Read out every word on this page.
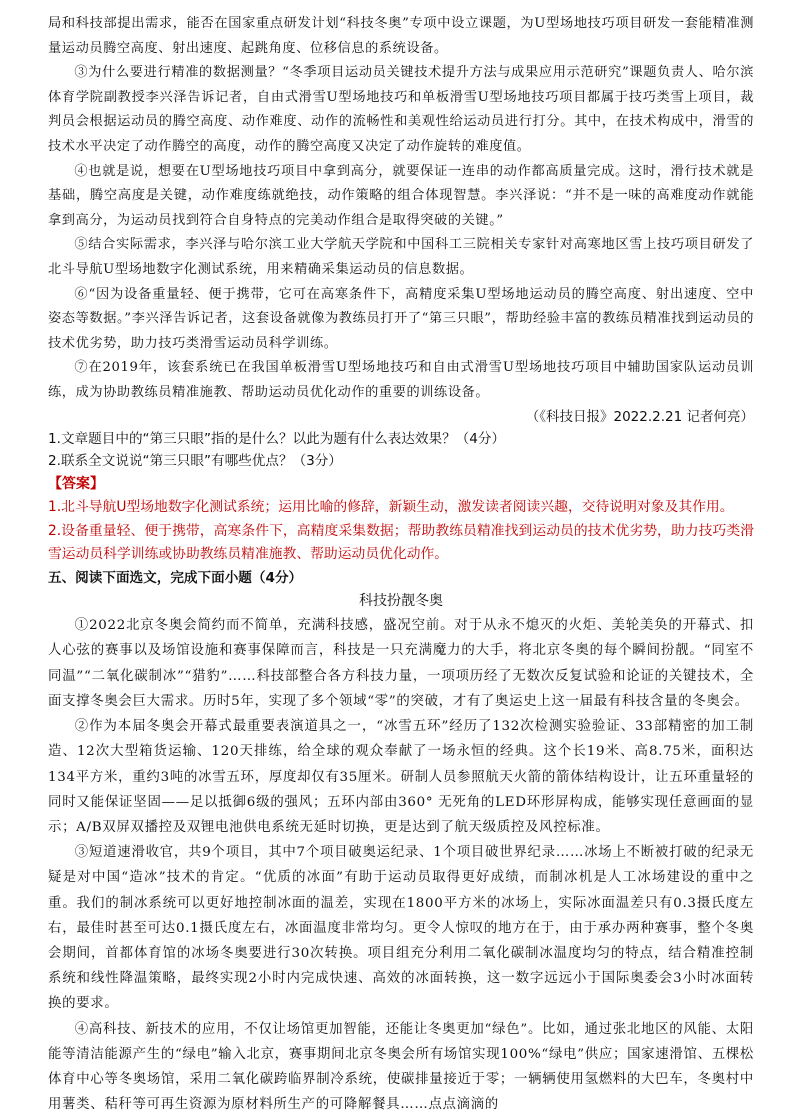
局和科技部提出需求，能否在国家重点研发计划“科技冬奥”专项中设立课题，为U型场地技巧项目研发一套能精准测量运动员腾空高度、射出速度、起跳角度、位移信息的系统设备。

③为什么要进行精准的数据测量？“冬季项目运动员关键技术提升方法与成果应用示范研究”课题负责人、哈尔滨体育学院副教授李兴泽告诉记者，自由式滑雪U型场地技巧和单板滑雪U型场地技巧项目都属于技巧类雪上项目，裁判员会根据运动员的腾空高度、动作难度、动作的流畅性和美观性给运动员进行打分。其中，在技术构成中，滑雪的技术水平决定了动作腾空的高度，动作的腾空高度又决定了动作旋转的难度值。

④也就是说，想要在U型场地技巧项目中拿到高分，就要保证一连串的动作都高质量完成。这时，滑行技术就是基础，腾空高度是关键，动作难度练就绝技，动作策略的组合体现智慧。李兴泽说：“并不是一味的高难度动作就能拿到高分，为运动员找到符合自身特点的完美动作组合是取得突破的关键。”

⑤结合实际需求，李兴泽与哈尔滨工业大学航天学院和中国科工三院相关专家针对高寒地区雪上技巧项目研发了北斗导航U型场地数字化测试系统，用来精确采集运动员的信息数据。

⑥“因为设备重量轻、便于携带，它可在高寒条件下，高精度采集U型场地运动员的腾空高度、射出速度、空中姿态等数据。”李兴泽告诉记者，这套设备就像为教练员打开了“第三只眼”，帮助经验丰富的教练员精准找到运动员的技术优劣势，助力技巧类滑雪运动员科学训练。

⑦在2019年，该套系统已在我国单板滑雪U型场地技巧和自由式滑雪U型场地技巧项目中辅助国家队运动员训练，成为协助教练员精准施教、帮助运动员优化动作的重要的训练设备。

（《科技日报》2022.2.21 记者何亮）

1.文章题目中的“第三只眼”指的是什么？以此为题有什么表达效果？（4分）

2.联系全文说说“第三只眼”有哪些优点？（3分）

【答案】

1.北斗导航U型场地数字化测试系统；运用比喻的修辞，新颖生动，激发读者阅读兴趣，交待说明对象及其作用。

2.设备重量轻、便于携带，高寒条件下，高精度采集数据；帮助教练员精准找到运动员的技术优劣势，助力技巧类滑雪运动员科学训练或协助教练员精准施教、帮助运动员优化动作。

五、阅读下面选文，完成下面小题（4分）

科技扮靓冬奥

①2022北京冬奥会简约而不简单，充满科技感，盛况空前。对于从永不熄灭的火炬、美轮美奂的开幕式、扣人心弦的赛事以及场馆设施和赛事保障而言，科技是一只充满魔力的大手，将北京冬奥的每个瞬间扮靓。“同室不同温”“二氧化碳制冰”“猎豹”……科技部整合各方科技力量，一项项历经了无数次反复试验和论证的关键技术，全面支撑冬奥会巨大需求。历时5年，实现了多个领域“零”的突破，才有了奥运史上这一届最有科技含量的冬奥会。

②作为本届冬奥会开幕式最重要表演道具之一，“冰雪五环”经历了132次检测实验验证、33部精密的加工制造、12次大型箱货运输、120天排练，给全球的观众奉献了一场永恒的经典。这个长19米、高8.75米，面积达134平方米，重约3吨的冰雪五环，厚度却仅有35厘米。研制人员参照航天火箭的箭体结构设计，让五环重量轻的同时又能保证坚固——足以抵御6级的强风；五环内部由360° 无死角的LED环形屏构成，能够实现任意画面的显示；A/B双屏双播控及双锂电池供电系统无延时切换，更是达到了航天级质控及风控标准。

③短道速滑收官，共9个项目，其中7个项目破奥运纪录、1个项目破世界纪录……冰场上不断被打破的纪录无疑是对中国“造冰”技术的肯定。“优质的冰面”有助于运动员取得更好成绩，而制冰机是人工冰场建设的重中之重。我们的制冰系统可以更好地控制冰面的温差，实现在1800平方米的冰场上，实际冰面温差只有0.3摄氏度左右，最佳时甚至可达0.1摄氏度左右，冰面温度非常均匀。更令人惊叹的地方在于，由于承办两种赛事，整个冬奥会期间，首都体育馆的冰场冬奥要进行30次转换。项目组充分利用二氧化碳制冰温度均匀的特点，结合精准控制系统和线性降温策略，最终实现2小时内完成快速、高效的冰面转换，这一数字远远小于国际奥委会3小时冰面转换的要求。

④高科技、新技术的应用，不仅让场馆更加智能，还能让冬奥更加“绿色”。比如，通过张北地区的风能、太阳能等清洁能源产生的“绿电”输入北京，赛事期间北京冬奥会所有场馆实现100%“绿电”供应；国家速滑馆、五棵松体育中心等冬奥场馆，采用二氧化碳跨临界制冷系统，使碳排量接近于零；一辆辆使用氢燃料的大巴车，冬奥村中用薯类、秸秆等可再生资源为原材料所生产的可降解餐具……点点滴滴的
